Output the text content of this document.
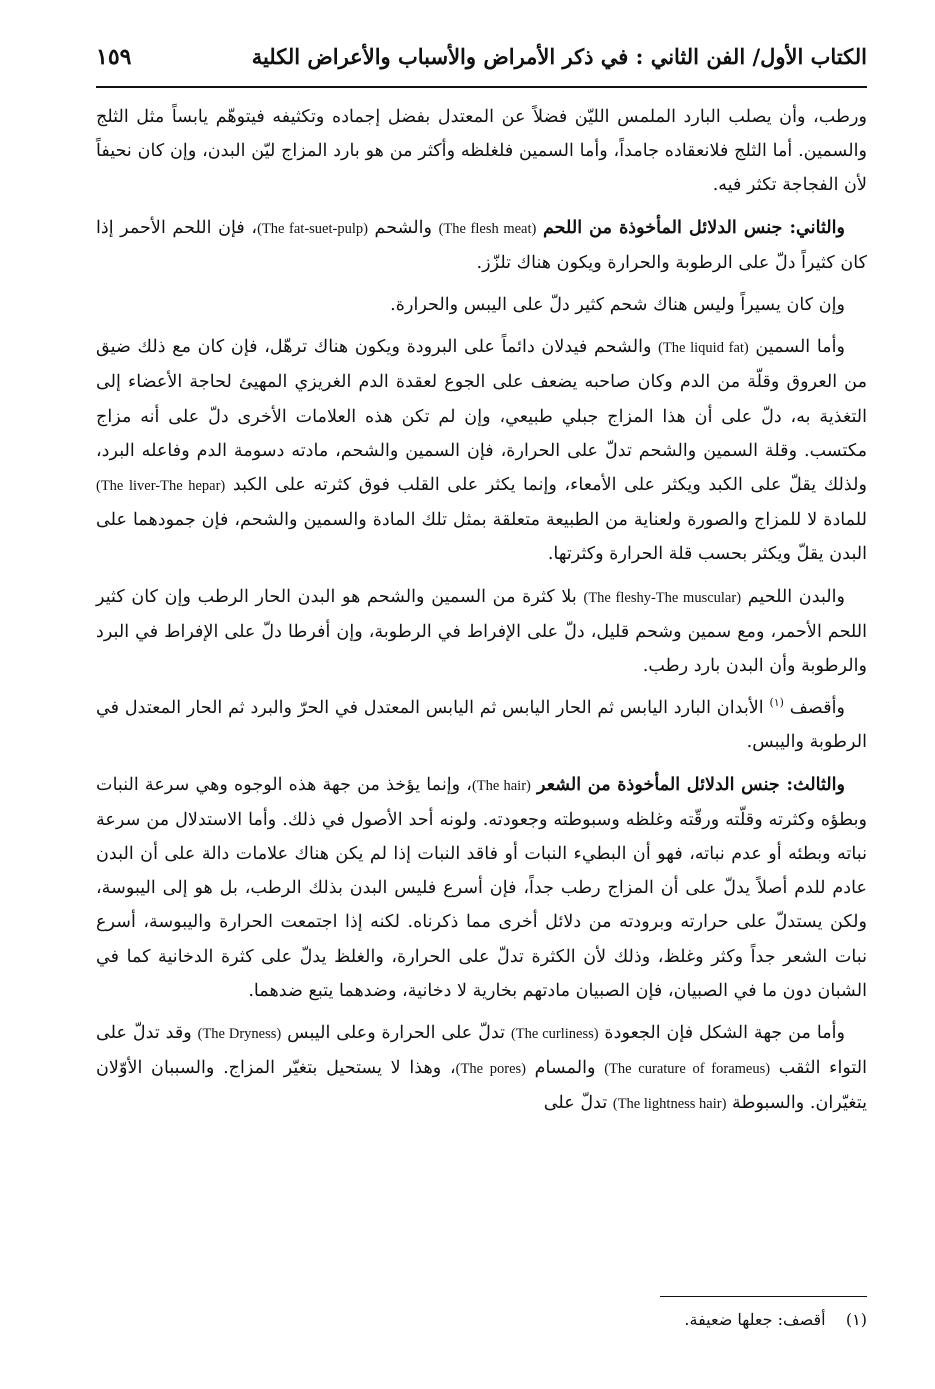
الكتاب الأول/ الفن الثاني : في ذكر الأمراض والأسباب والأعراض الكلية
١٥٩

ورطب، وأن يصلب البارد الملمس الليّن فضلاً عن المعتدل بفضل إجماده وتكثيفه فيتوهّم يابساً مثل الثلج والسمين. أما الثلج فلانعقاده جامداً، وأما السمين فلغلظه وأكثر من هو بارد المزاج ليّن البدن، وإن كان نحيفاً لأن الفجاجة تكثر فيه.

والثاني: جنس الدلائل المأخوذة من اللحم (The flesh meat) والشحم (The fat-suet-pulp)، فإن اللحم الأحمر إذا كان كثيراً دلّ على الرطوبة والحرارة ويكون هناك تلزّز.

وإن كان يسيراً وليس هناك شحم كثير دلّ على اليبس والحرارة.

وأما السمين (The liquid fat) والشحم فيدلان دائماً على البرودة ويكون هناك ترهّل، فإن كان مع ذلك ضيق من العروق وقلّة من الدم وكان صاحبه يضعف على الجوع لعقدة الدم الغريزي المهيئ لحاجة الأعضاء إلى التغذية به، دلّ على أن هذا المزاج جبلي طبيعي، وإن لم تكن هذه العلامات الأخرى دلّ على أنه مزاج مكتسب. وقلة السمين والشحم تدلّ على الحرارة، فإن السمين والشحم، مادته دسومة الدم وفاعله البرد، ولذلك يقلّ على الكبد ويكثر على الأمعاء، وإنما يكثر على القلب فوق كثرته على الكبد (The liver-The hepar) للمادة لا للمزاج والصورة ولعناية من الطبيعة متعلقة بمثل تلك المادة والسمين والشحم، فإن جمودهما على البدن يقلّ ويكثر بحسب قلة الحرارة وكثرتها.

والبدن اللحيم (The fleshy-The muscular) بلا كثرة من السمين والشحم هو البدن الحار الرطب وإن كان كثير اللحم الأحمر، ومع سمين وشحم قليل، دلّ على الإفراط في الرطوبة، وإن أفرطا دلّ على الإفراط في البرد والرطوبة وأن البدن بارد رطب.

وأقصف $^{(١)}$ الأبدان البارد اليابس ثم الحار اليابس ثم اليابس المعتدل في الحرّ والبرد ثم الحار المعتدل في الرطوبة واليبس.

والثالث: جنس الدلائل المأخوذة من الشعر (The hair)، وإنما يؤخذ من جهة هذه الوجوه وهي سرعة النبات وبطؤه وكثرته وقلّته ورقّته وغلظه وسبوطته وجعودته. ولونه أحد الأصول في ذلك. وأما الاستدلال من سرعة نباته وبطئه أو عدم نباته، فهو أن البطيء النبات أو فاقد النبات إذا لم يكن هناك علامات دالة على أن البدن عادم للدم أصلاً يدلّ على أن المزاج رطب جداً، فإن أسرع فليس البدن بذلك الرطب، بل هو إلى اليبوسة، ولكن يستدلّ على حرارته وبرودته من دلائل أخرى مما ذكرناه. لكنه إذا اجتمعت الحرارة واليبوسة، أسرع نبات الشعر جداً وكثر وغلظ، وذلك لأن الكثرة تدلّ على الحرارة، والغلظ يدلّ على كثرة الدخانية كما في الشبان دون ما في الصبيان، فإن الصبيان مادتهم بخارية لا دخانية، وضدهما يتبع ضدهما.

وأما من جهة الشكل فإن الجعودة (The curliness) تدلّ على الحرارة وعلى اليبس (The Dryness) وقد تدلّ على التواء الثقب (The curature of forameus) والمسام (The pores)، وهذا لا يستحيل بتغيّر المزاج. والسببان الأوّلان يتغيّران. والسبوطة (The lightness hair) تدلّ على

(١)    أقصف: جعلها ضعيفة.
